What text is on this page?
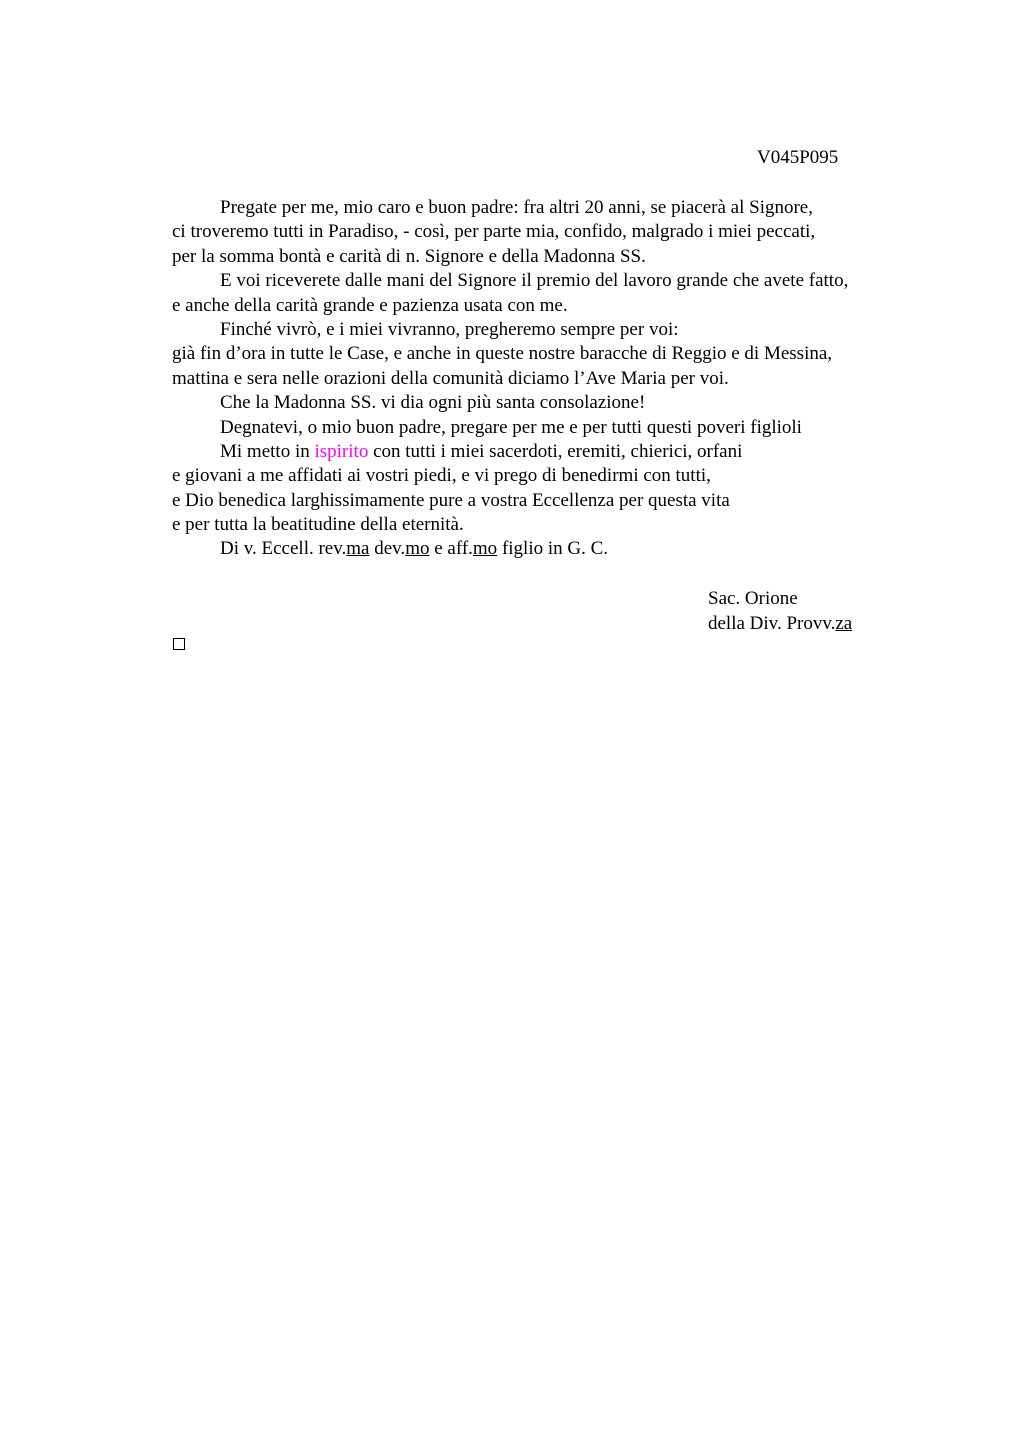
V045P095
Pregate per me, mio caro e buon padre: fra altri 20 anni, se piacerà al Signore,
ci troveremo tutti in Paradiso, - così, per parte mia, confido, malgrado i miei peccati,
per la somma bontà e carità di n. Signore e della Madonna SS.
E voi riceverete dalle mani del Signore il premio del lavoro grande che avete fatto,
e anche della carità grande e pazienza usata con me.
Finché vivrò, e i miei vivranno, pregheremo sempre per voi:
già fin d’ora in tutte le Case, e anche in queste nostre baracche di Reggio e di Messina,
mattina e sera nelle orazioni della comunità diciamo l’Ave Maria per voi.
Che la Madonna SS. vi dia ogni più santa consolazione!
Degnatevi, o mio buon padre, pregare per me e per tutti questi poveri figlioli
Mi metto in ispirito con tutti i miei sacerdoti, eremiti, chierici, orfani
e giovani a me affidati ai vostri piedi, e vi prego di benedirmi con tutti,
e Dio benedica larghissimamente pure a vostra Eccellenza per questa vita
e per tutta la beatitudine della eternità.
Di v. Eccell. rev.ma dev.mo e aff.mo figlio in G. C.
Sac. Orione
della Div. Provv.za
